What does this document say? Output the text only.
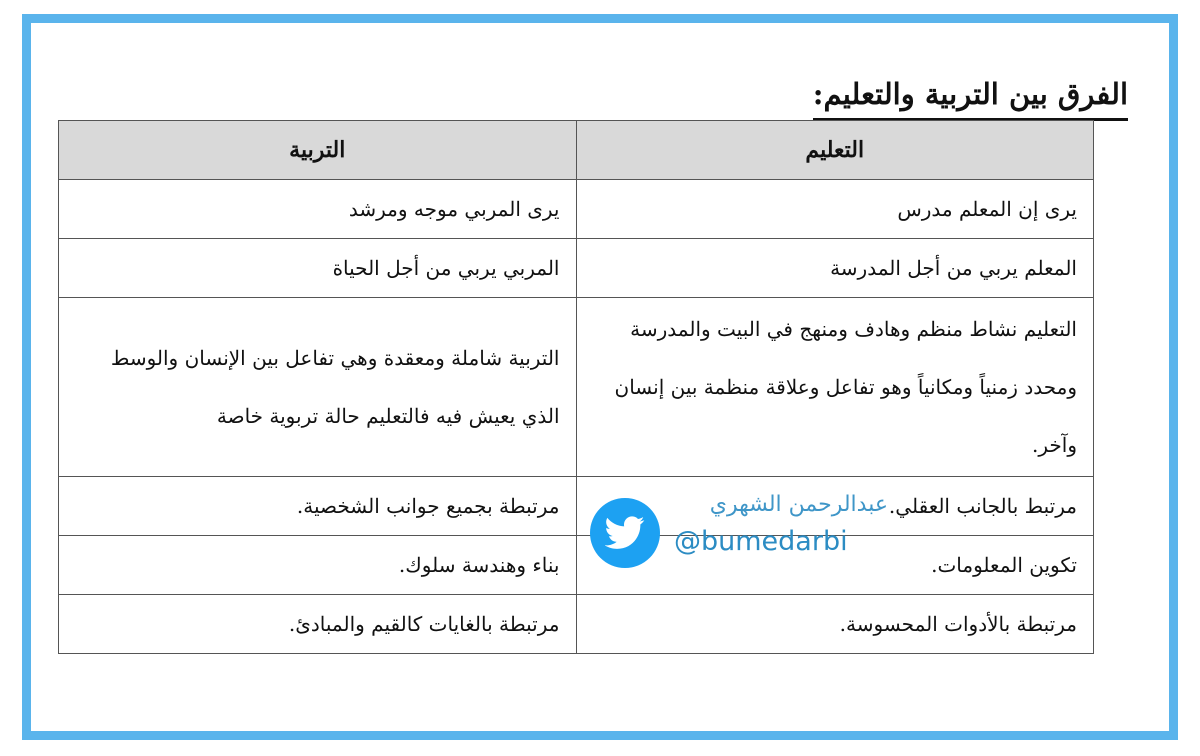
الفرق بين التربية والتعليم:
التعليم	التربية
يرى إن المعلم مدرس	يرى المربي موجه ومرشد
المعلم يربي من أجل المدرسة	المربي يربي من أجل الحياة
التعليم نشاط منظم وهادف ومنهج في البيت والمدرسة ومحدد زمنياً ومكانياً وهو تفاعل وعلاقة منظمة بين إنسان وآخر.	التربية شاملة ومعقدة وهي تفاعل بين الإنسان والوسط الذي يعيش فيه فالتعليم حالة تربوية خاصة
مرتبط بالجانب العقلي.	مرتبطة بجميع جوانب الشخصية.
تكوين المعلومات.	بناء وهندسة سلوك.
مرتبطة بالأدوات المحسوسة.	مرتبطة بالغايات كالقيم والمبادئ.
عبدالرحمن الشهري
@bumedarbi
